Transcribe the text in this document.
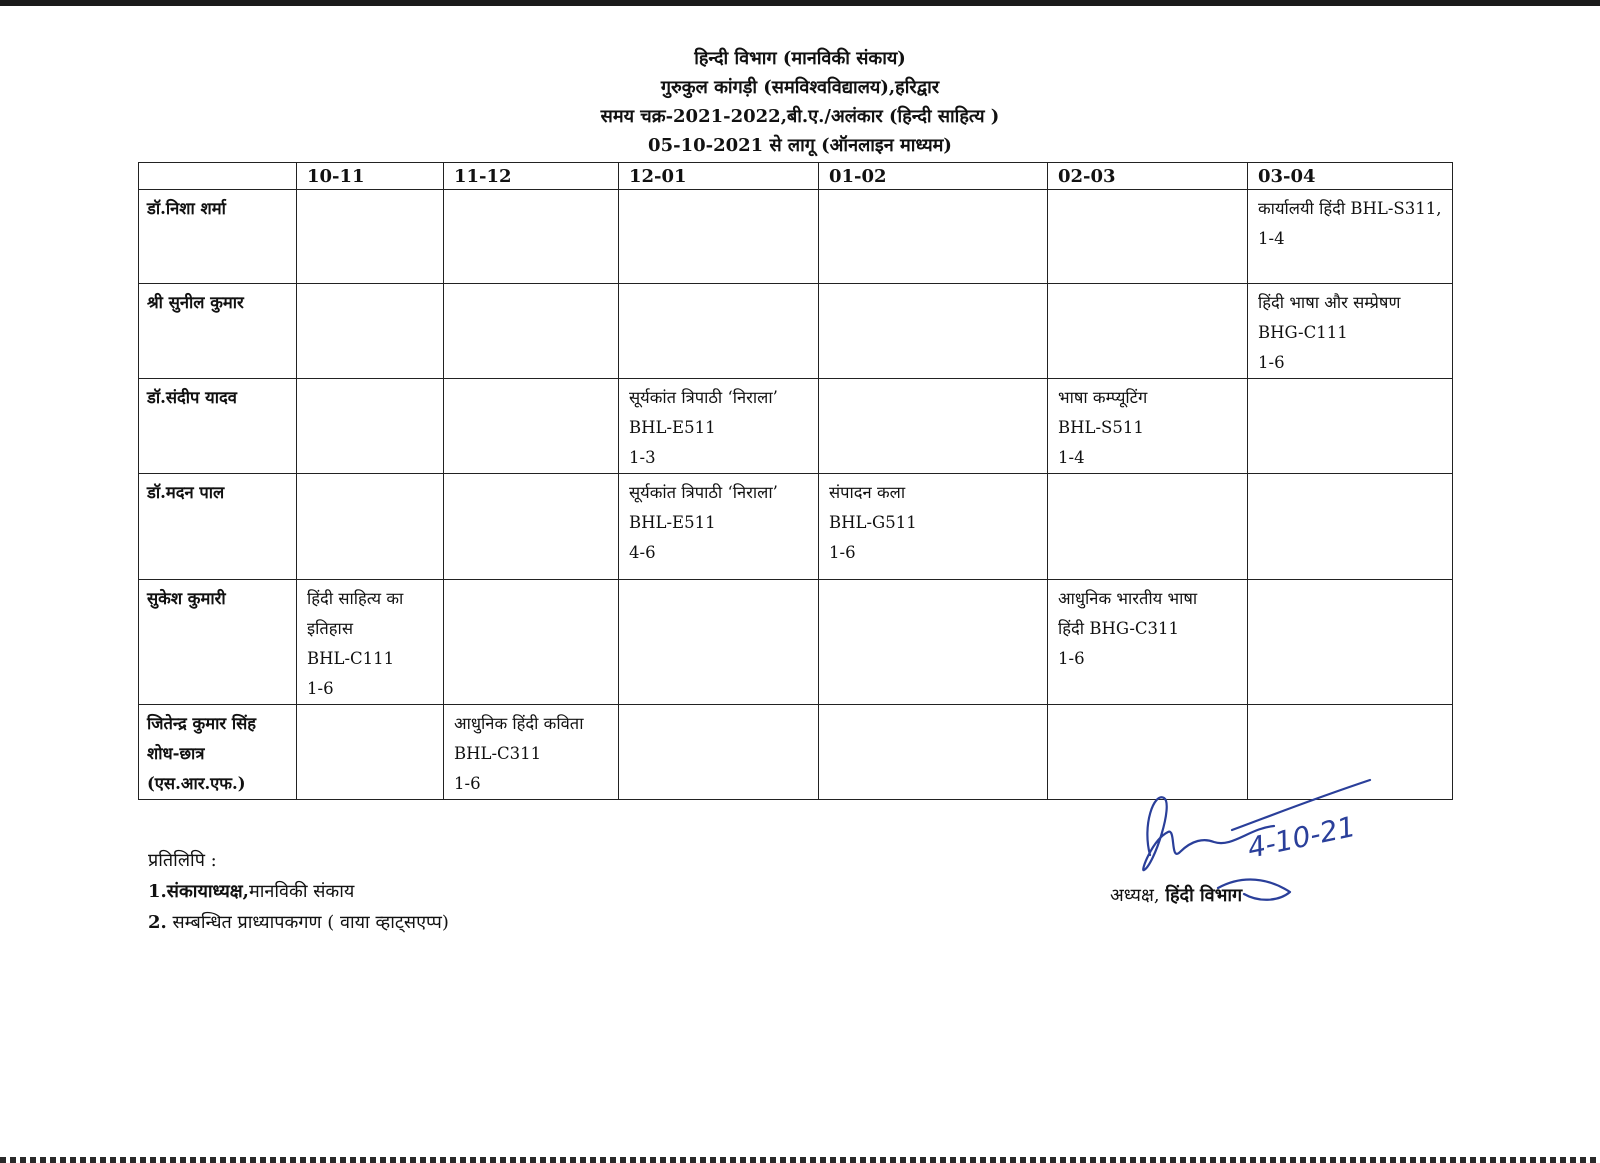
हिन्दी विभाग (मानविकी संकाय)
गुरुकुल कांगड़ी (समविश्वविद्यालय),हरिद्वार
समय चक्र-2021-2022,बी.ए./अलंकार (हिन्दी साहित्य )
05-10-2021 से लागू (ऑनलाइन माध्यम)
	10-11	11-12	12-01	01-02	02-03	03-04

डॉ.निशा शर्मा						कार्यालयी हिंदी BHL-S311,
1-4

श्री सुनील कुमार						हिंदी भाषा और सम्प्रेषण
BHG-C111
1-6

डॉ.संदीप यादव			सूर्यकांत त्रिपाठी ‘निराला’
BHL-E511
1-3		भाषा कम्प्यूटिंग
BHL-S511
1-4	

डॉ.मदन पाल			सूर्यकांत त्रिपाठी ‘निराला’
BHL-E511
4-6	संपादन कला
BHL-G511
1-6		

सुकेश कुमारी	हिंदी साहित्य का
इतिहास
BHL-C111
1-6				आधुनिक भारतीय भाषा
हिंदी BHG-C311
1-6	

जितेन्द्र कुमार सिंह
शोध-छात्र
(एस.आर.एफ.)		आधुनिक हिंदी कविता
BHL-C311
1-6				

प्रतिलिपि :
1.संकायाध्यक्ष,मानविकी संकाय
2. सम्बन्धित प्राध्यापकगण ( वाया व्हाट्सएप्प)
4-10-21
अध्यक्ष, हिंदी विभाग
